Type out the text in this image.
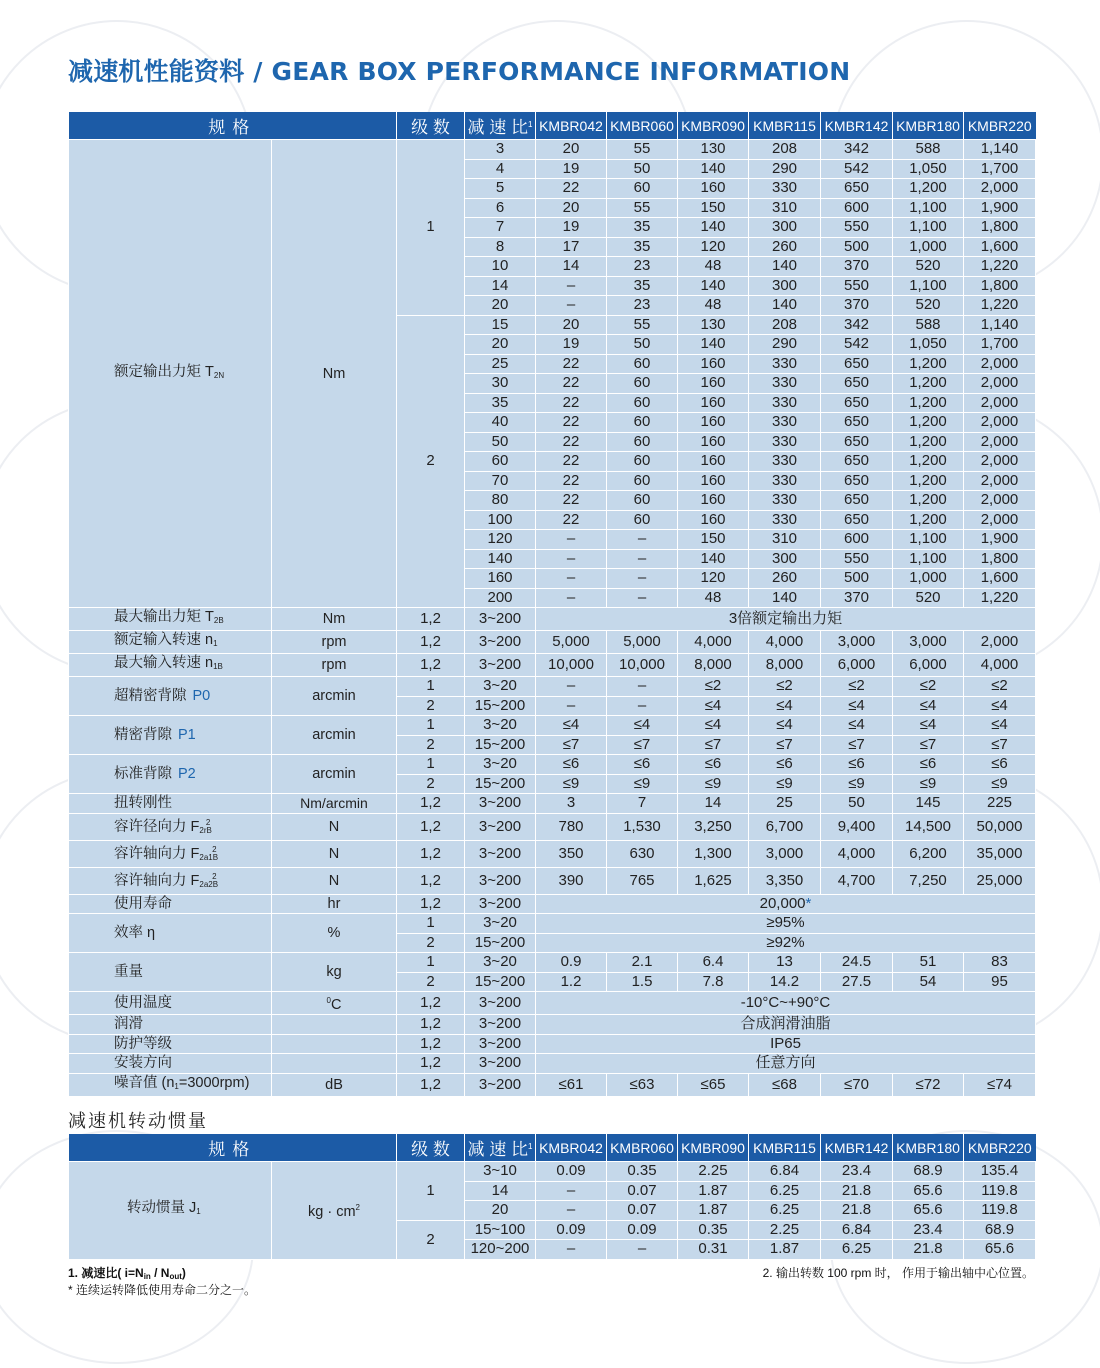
减速机性能资料 / GEAR BOX PERFORMANCE INFORMATION
规格		级 数	减 速 比$^1$	KMBR042	KMBR060	KMBR090	KMBR115	KMBR142	KMBR180	KMBR220
额定输出力矩 $T_{2N}$	Nm	1	3	20	55	130	208	342	588	1,140
			4	19	50	140	290	542	1,050	1,700
			5	22	60	160	330	650	1,200	2,000
			6	20	55	150	310	600	1,100	1,900
			7	19	35	140	300	550	1,100	1,800
			8	17	35	120	260	500	1,000	1,600
			10	14	23	48	140	370	520	1,220
			14	–	35	140	300	550	1,100	1,800
			20	–	23	48	140	370	520	1,220
		2	15	20	55	130	208	342	588	1,140
			20	19	50	140	290	542	1,050	1,700
			25	22	60	160	330	650	1,200	2,000
			30	22	60	160	330	650	1,200	2,000
			35	22	60	160	330	650	1,200	2,000
			40	22	60	160	330	650	1,200	2,000
			50	22	60	160	330	650	1,200	2,000
			60	22	60	160	330	650	1,200	2,000
			70	22	60	160	330	650	1,200	2,000
			80	22	60	160	330	650	1,200	2,000
			100	22	60	160	330	650	1,200	2,000
			120	–	–	150	310	600	1,100	1,900
			140	–	–	140	300	550	1,100	1,800
			160	–	–	120	260	500	1,000	1,600
			200	–	–	48	140	370	520	1,220
最大输出力矩 $T_{2B}$	Nm	1,2	3~200	3倍额定输出力矩						
额定输入转速 $n_1$	rpm	1,2	3~200	5,000	5,000	4,000	4,000	3,000	3,000	2,000
最大输入转速 $n_{1B}$	rpm	1,2	3~200	10,000	10,000	8,000	8,000	6,000	6,000	4,000
超精密背隙 P0	arcmin	1	3~20	–	–	≤2	≤2	≤2	≤2	≤2
		2	15~200	–	–	≤4	≤4	≤4	≤4	≤4
精密背隙 P1	arcmin	1	3~20	≤4	≤4	≤4	≤4	≤4	≤4	≤4
		2	15~200	≤7	≤7	≤7	≤7	≤7	≤7	≤7
标准背隙 P2	arcmin	1	3~20	≤6	≤6	≤6	≤6	≤6	≤6	≤6
		2	15~200	≤9	≤9	≤9	≤9	≤9	≤9	≤9
扭转刚性	Nm/arcmin	1,2	3~200	3	7	14	25	50	145	225
容许径向力 $F_{2rB}^2$	N	1,2	3~200	780	1,530	3,250	6,700	9,400	14,500	50,000
容许轴向力 $F_{2a1B}^2$	N	1,2	3~200	350	630	1,300	3,000	4,000	6,200	35,000
容许轴向力 $F_{2a2B}^2$	N	1,2	3~200	390	765	1,625	3,350	4,700	7,250	25,000
使用寿命	hr	1,2	3~200	20,000*						
效率 η	%	1	3~20	≥95%						
		2	15~200	≥92%						
重量	kg	1	3~20	0.9	2.1	6.4	13	24.5	51	83
		2	15~200	1.2	1.5	7.8	14.2	27.5	54	95
使用温度	$^0$C	1,2	3~200	-10°C~+90°C						
润滑		1,2	3~200	合成润滑油脂						
防护等级		1,2	3~200	IP65						
安装方向		1,2	3~200	任意方向						
噪音值 $(n_1=3000rpm)$	dB	1,2	3~200	≤61	≤63	≤65	≤68	≤70	≤72	≤74
减速机转动惯量
规格		级 数	减 速 比$^1$	KMBR042	KMBR060	KMBR090	KMBR115	KMBR142	KMBR180	KMBR220
转动惯量 $J_1$	kg · $cm^2$	1	3~10	0.09	0.35	2.25	6.84	23.4	68.9	135.4
			14	–	0.07	1.87	6.25	21.8	65.6	119.8
			20	–	0.07	1.87	6.25	21.8	65.6	119.8
		2	15~100	0.09	0.09	0.35	2.25	6.84	23.4	68.9
			120~200	–	–	0.31	1.87	6.25	21.8	65.6
1. 减速比( $i=N_{in} / N_{out}$)
* 连续运转降低使用寿命二分之一。
2. 输出转数 100 rpm 时， 作用于输出轴中心位置。
